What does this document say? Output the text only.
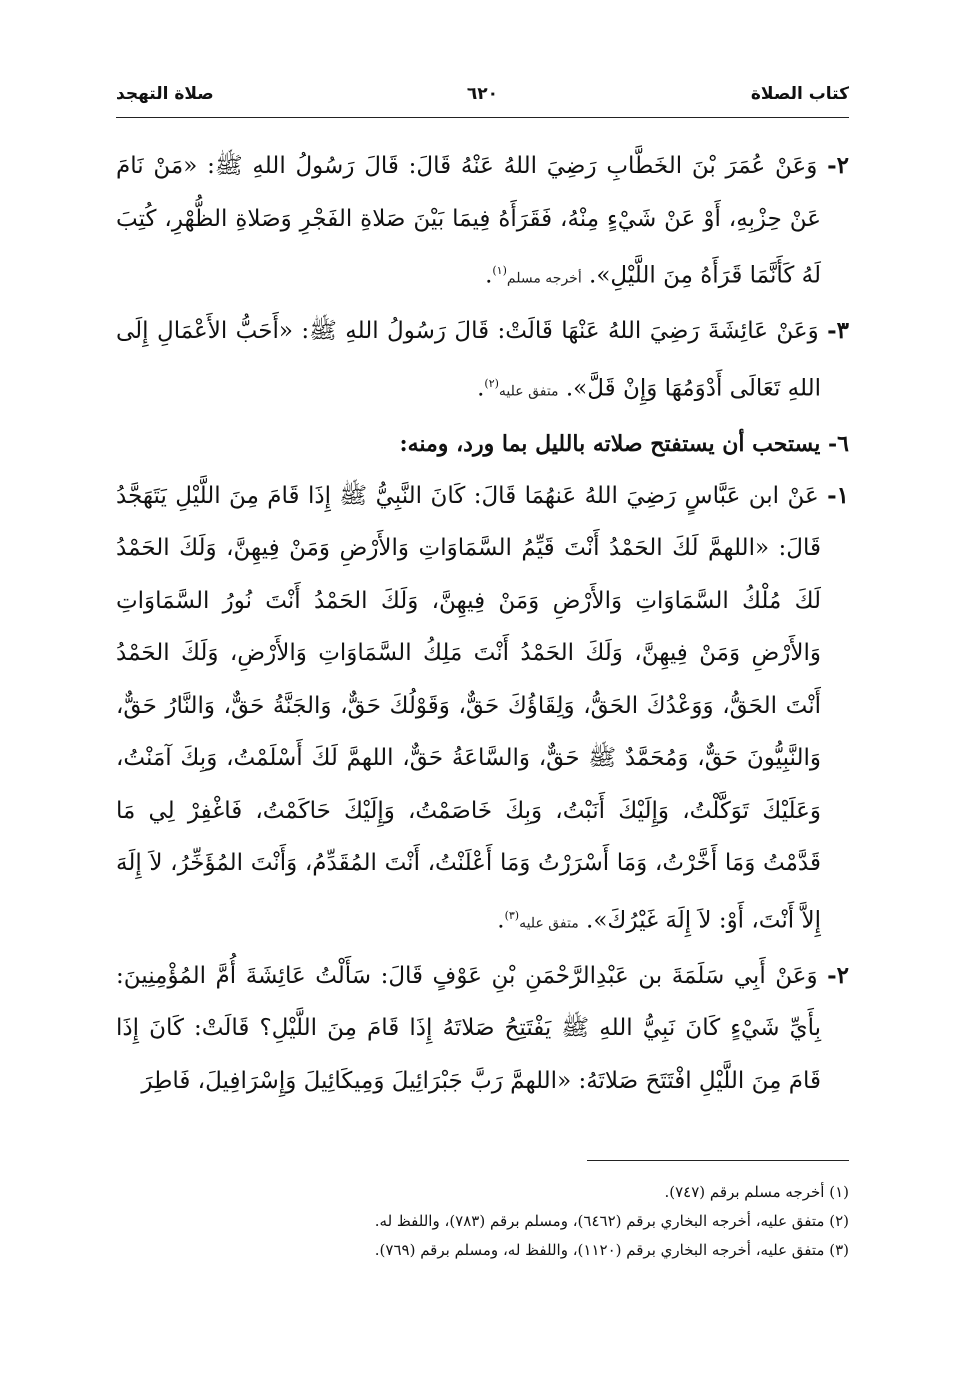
كتاب الصلاة
٦٢٠
صلاة التهجد

٢- وَعَنْ عُمَرَ بْنَ الخَطَّابِ رَضِيَ اللهُ عَنْهُ قَالَ: قَالَ رَسُولُ اللهِ ﷺ: «مَنْ نَامَ عَنْ حِزْبِهِ، أَوْ عَنْ شَيْءٍ مِنْهُ، فَقَرَأَهُ فِيمَا بَيْنَ صَلاةِ الفَجْرِ وَصَلاةِ الظُّهْرِ، كُتِبَ لَهُ كَأَنَّمَا قَرَأَهُ مِنَ اللَّيْلِ». أخرجه مسلم$^{(١)}$.

٣- وَعَنْ عَائِشَةَ رَضِيَ اللهُ عَنْهَا قَالَتْ: قَالَ رَسُولُ اللهِ ﷺ: «أَحَبُّ الأَعْمَالِ إِلَى اللهِ تَعَالَى أَدْوَمُهَا وَإِنْ قَلَّ». متفق عليه$^{(٢)}$.

٦- يستحب أن يستفتح صلاته بالليل بما ورد، ومنه:

١- عَنْ ابن عَبَّاسٍ رَضِيَ اللهُ عَنهُمَا قَالَ: كَانَ النَّبِيُّ ﷺ إِذَا قَامَ مِنَ اللَّيْلِ يَتَهَجَّدُ قَالَ: «اللهمَّ لَكَ الحَمْدُ أَنْتَ قَيِّمُ السَّمَاوَاتِ وَالأَرْضِ وَمَنْ فِيهِنَّ، وَلَكَ الحَمْدُ لَكَ مُلْكُ السَّمَاوَاتِ وَالأَرْضِ وَمَنْ فِيهِنَّ، وَلَكَ الحَمْدُ أَنْتَ نُورُ السَّمَاوَاتِ وَالأَرْضِ وَمَنْ فِيهِنَّ، وَلَكَ الحَمْدُ أَنْتَ مَلِكُ السَّمَاوَاتِ وَالأَرْضِ، وَلَكَ الحَمْدُ أَنْتَ الحَقُّ، وَوَعْدُكَ الحَقُّ، وَلِقَاؤُكَ حَقٌّ، وَقَوْلُكَ حَقٌّ، وَالجَنَّةُ حَقٌّ، وَالنَّارُ حَقٌّ، وَالنَّبِيُّونَ حَقٌّ، وَمُحَمَّدٌ ﷺ حَقٌّ، وَالسَّاعَةُ حَقٌّ، اللهمَّ لَكَ أَسْلَمْتُ، وَبِكَ آمَنْتُ، وَعَلَيْكَ تَوَكَّلْتُ، وَإِلَيْكَ أَنَبْتُ، وَبِكَ خَاصَمْتُ، وَإِلَيْكَ حَاكَمْتُ، فَاغْفِرْ لِي مَا قَدَّمْتُ وَمَا أَخَّرْتُ، وَمَا أَسْرَرْتُ وَمَا أَعْلَنْتُ، أَنْتَ المُقَدِّمُ، وَأَنْتَ المُؤَخِّرُ، لاَ إِلَهَ إِلاَّ أَنْتَ، أَوْ: لاَ إِلَهَ غَيْرُكَ». متفق عليه$^{(٣)}$.

٢- وَعَنْ أَبِي سَلَمَةَ بن عَبْدِالرَّحْمَنِ بْنِ عَوْفٍ قَالَ: سَأَلْتُ عَائِشَةَ أُمَّ المُؤْمِنِينَ: بِأَيِّ شَيْءٍ كَانَ نَبِيُّ اللهِ ﷺ يَفْتَتِحُ صَلاتَهُ إِذَا قَامَ مِنَ اللَّيْلِ؟ قَالَتْ: كَانَ إِذَا قَامَ مِنَ اللَّيْلِ افْتَتَحَ صَلاتَهُ: «اللهمَّ رَبَّ جَبْرَائِيلَ وَمِيكَائِيلَ وَإِسْرَافِيلَ، فَاطِرَ

(١) أخرجه مسلم برقم (٧٤٧).

(٢) متفق عليه، أخرجه البخاري برقم (٦٤٦٢)، ومسلم برقم (٧٨٣)، واللفظ له.

(٣) متفق عليه، أخرجه البخاري برقم (١١٢٠)، واللفظ له، ومسلم برقم (٧٦٩).
